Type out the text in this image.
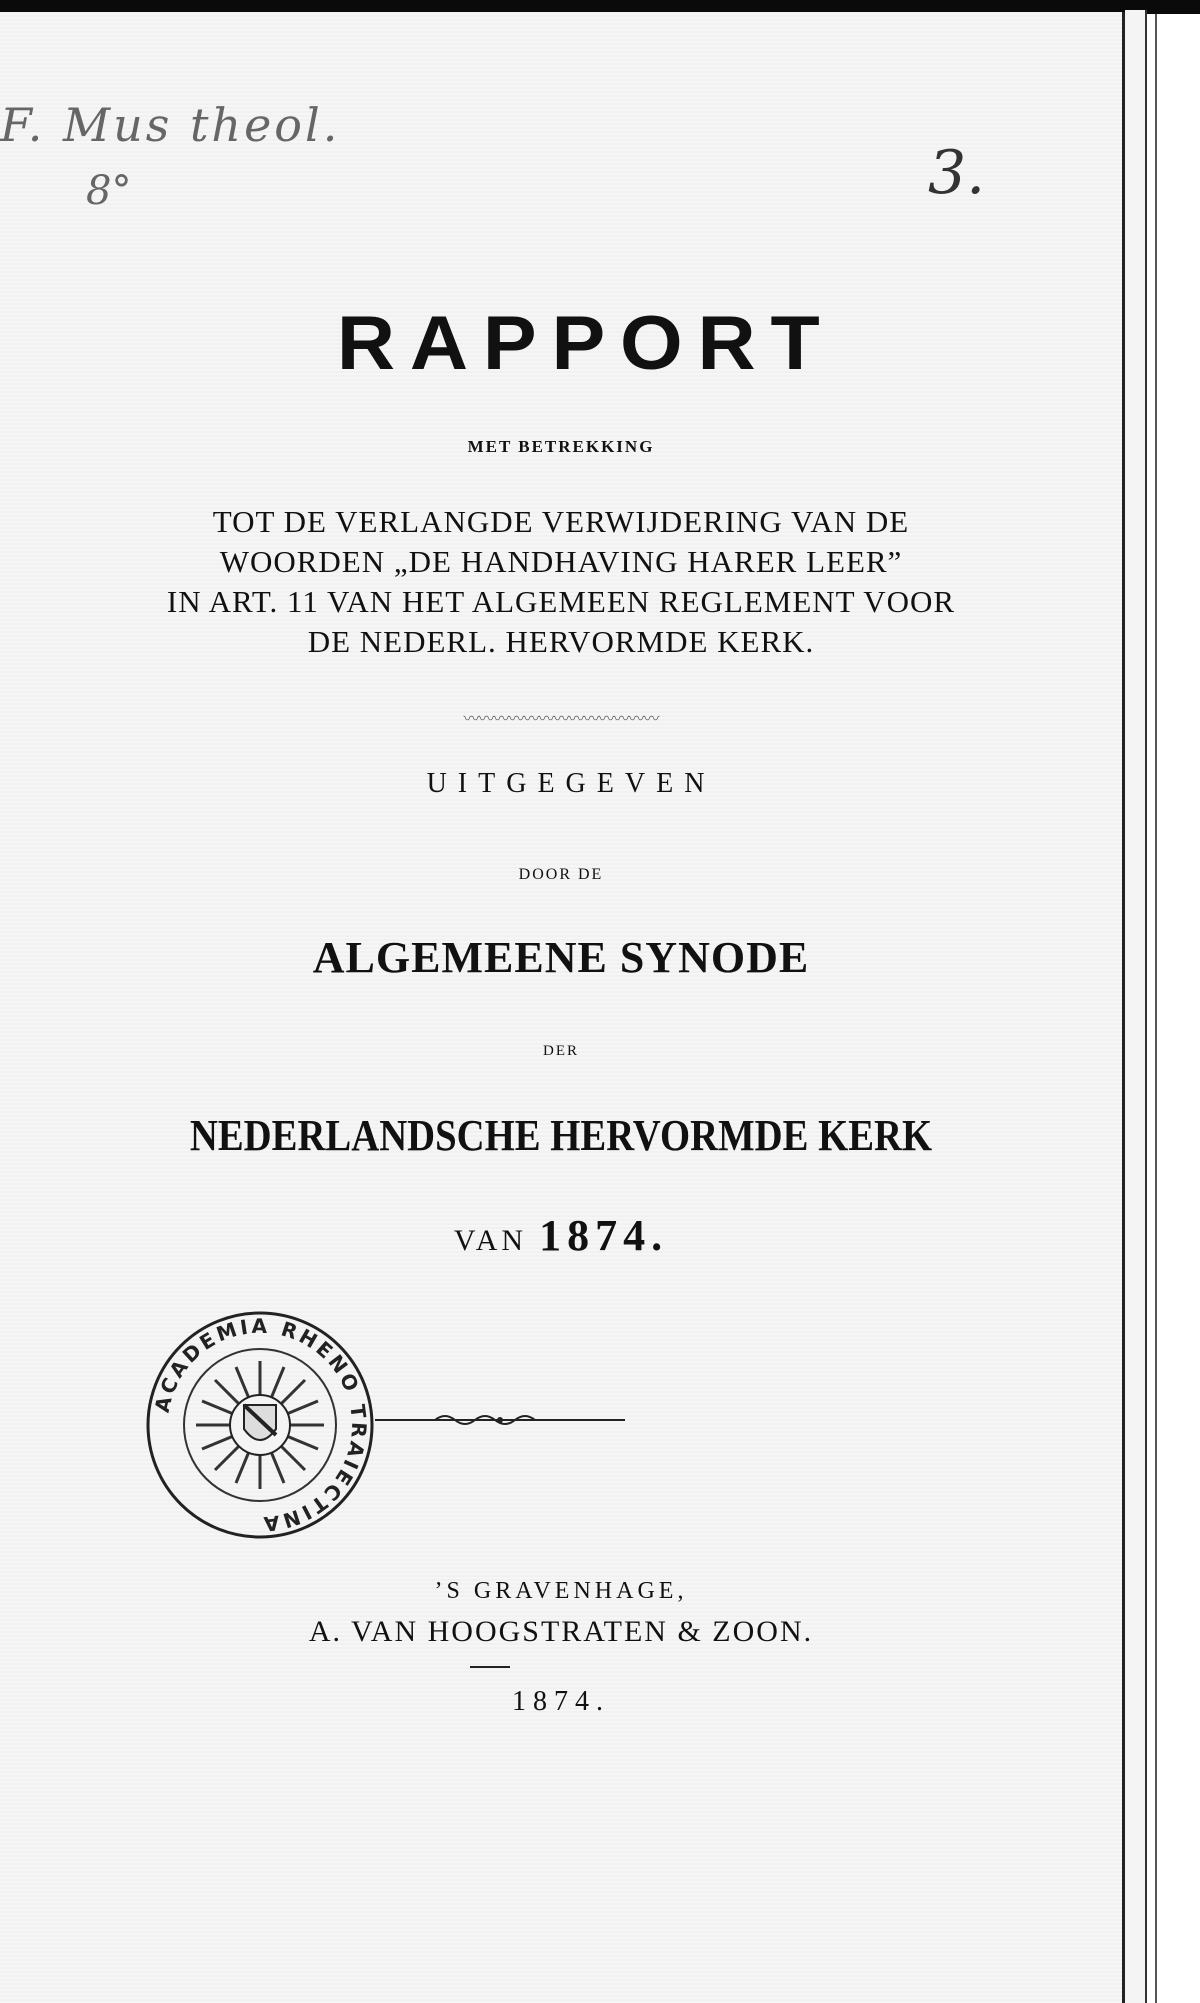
F. Mus theol.
8°	3.
RAPPORT
MET BETREKKING
TOT DE VERLANGDE VERWIJDERING VAN DE
WOORDEN „DE HANDHAVING HARER LEER”
IN ART. 11 VAN HET ALGEMEEN REGLEMENT VOOR
DE NEDERL. HERVORMDE KERK.
〰〰〰〰〰〰〰〰〰〰〰〰〰
UITGEGEVEN
DOOR DE
ALGEMEENE SYNODE
DER
NEDERLANDSCHE HERVORMDE KERK
VAN 1874.
ACADEMIA RHENO TRAIECTINA
’S GRAVENHAGE,
A. VAN HOOGSTRATEN & ZOON.
1874.
